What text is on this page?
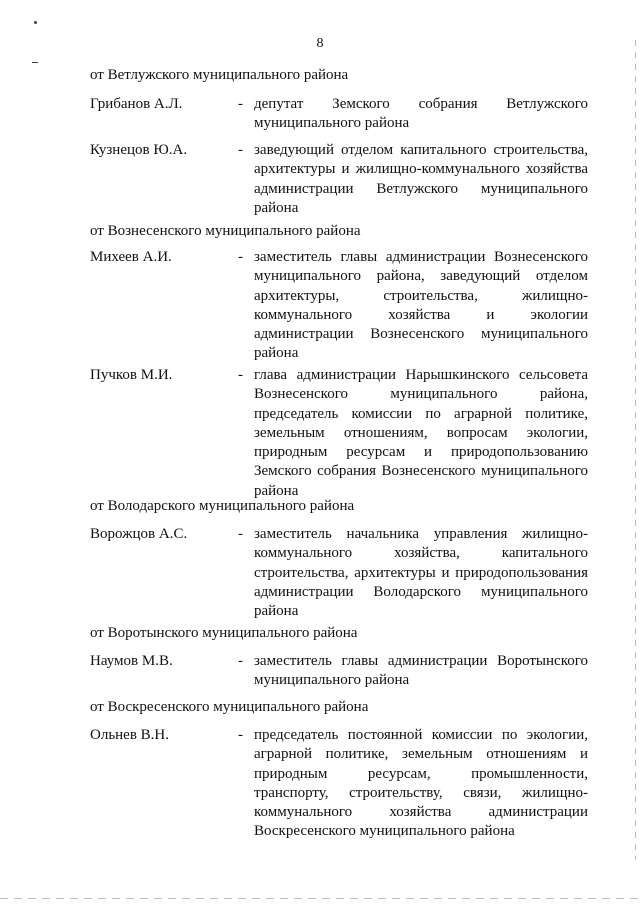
8
от Ветлужского муниципального района
Грибанов А.Л.	- депутат Земского собрания Ветлужского муниципального района
Кузнецов Ю.А.	- заведующий отделом капитального строительства, архитектуры и жилищно-коммунального хозяйства администрации Ветлужского муниципального района
от Вознесенского муниципального района
Михеев А.И.	- заместитель главы администрации Вознесенского муниципального района, заведующий отделом архитектуры, строительства, жилищно-коммунального хозяйства и экологии администрации Вознесенского муниципального района
Пучков М.И.	- глава администрации Нарышкинского сельсовета Вознесенского муниципального района, председатель комиссии по аграрной политике, земельным отношениям, вопросам экологии, природным ресурсам и природопользованию Земского собрания Вознесенского муниципального района
от Володарского муниципального района
Ворожцов А.С.	- заместитель начальника управления жилищно-коммунального хозяйства, капитального строительства, архитектуры и природопользования администрации Володарского муниципального района
от Воротынского муниципального района
Наумов М.В.	- заместитель главы администрации Воротынского муниципального района
от Воскресенского муниципального района
Ольнев В.Н.	- председатель постоянной комиссии по экологии, аграрной политике, земельным отношениям и природным ресурсам, промышленности, транспорту, строительству, связи, жилищно-коммунального хозяйства администрации Воскресенского муниципального района
